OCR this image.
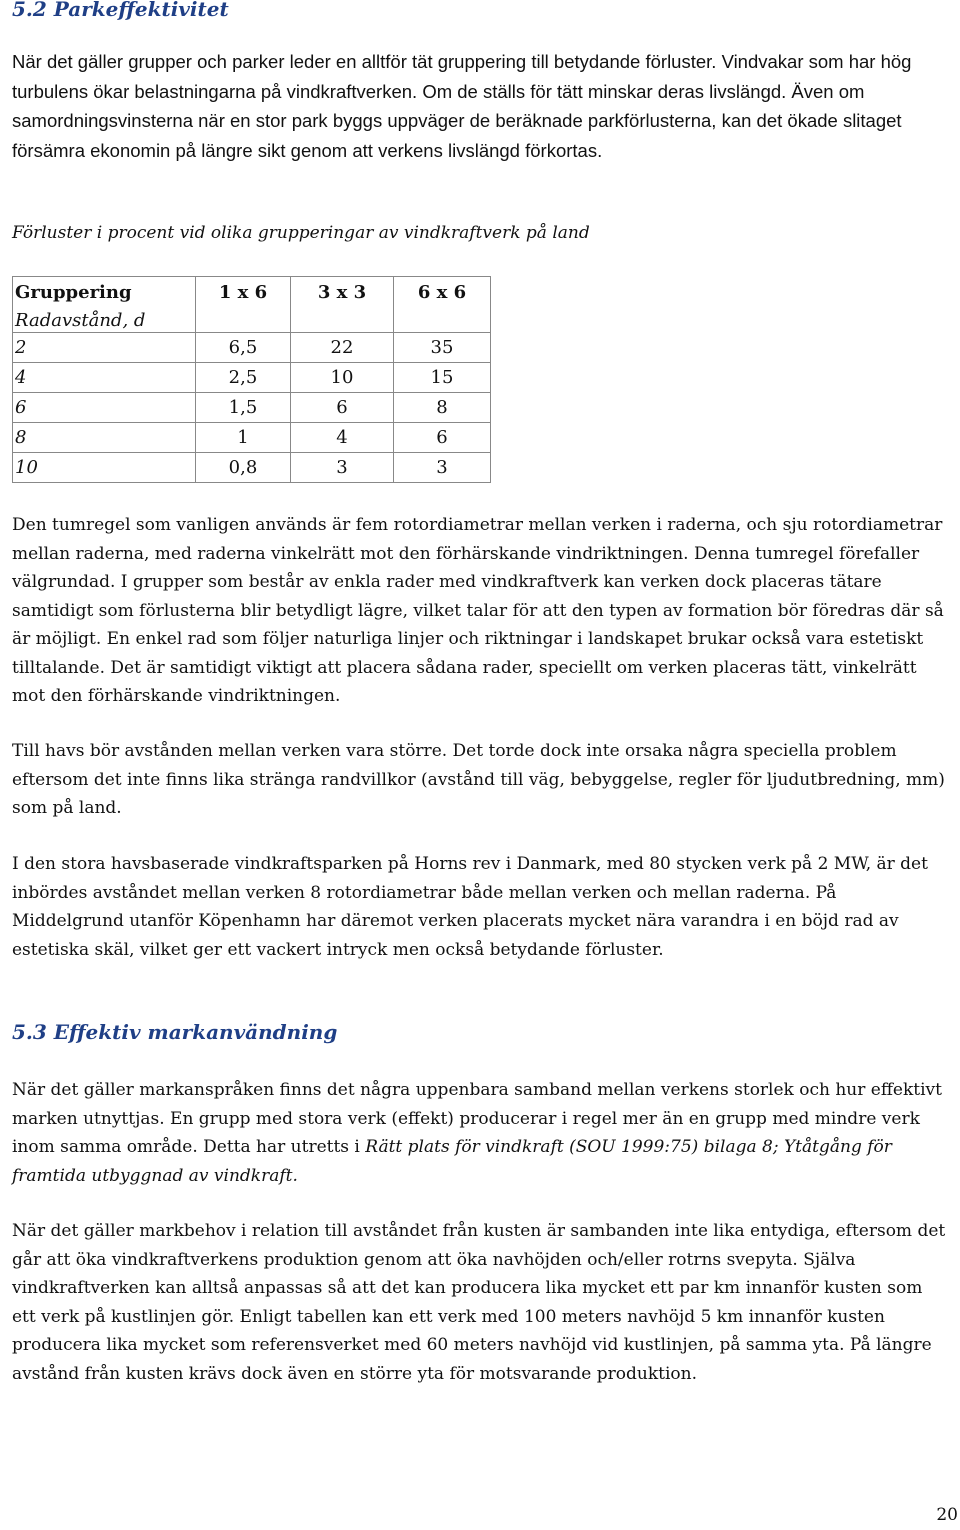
5.2 Parkeffektivitet

När det gäller grupper och parker leder en alltför tät gruppering till betydande förluster. Vindvakar som har hög turbulens ökar belastningarna på vindkraftverken. Om de ställs för tätt minskar deras livslängd. Även om samordningsvinsterna när en stor park byggs uppväger de beräknade parkförlusterna, kan det ökade slitaget försämra ekonomin på längre sikt genom att verkens livslängd förkortas.

Förluster i procent vid olika grupperingar av vindkraftverk på land

Gruppering	1 x 6	3 x 3	6 x 6
Radavstånd, d			
2	6,5	22	35
4	2,5	10	15
6	1,5	6	8
8	1	4	6
10	0,8	3	3

Den tumregel som vanligen används är fem rotordiametrar mellan verken i raderna, och sju rotordiametrar mellan raderna, med raderna vinkelrätt mot den förhärskande vindriktningen. Denna tumregel förefaller välgrundad. I grupper som består av enkla rader med vindkraftverk kan verken dock placeras tätare samtidigt som förlusterna blir betydligt lägre, vilket talar för att den typen av formation bör föredras där så är möjligt. En enkel rad som följer naturliga linjer och riktningar i landskapet brukar också vara estetiskt tilltalande. Det är samtidigt viktigt att placera sådana rader, speciellt om verken placeras tätt, vinkelrätt mot den förhärskande vindriktningen.

Till havs bör avstånden mellan verken vara större. Det torde dock inte orsaka några speciella problem eftersom det inte finns lika stränga randvillkor (avstånd till väg, bebyggelse, regler för ljudutbredning, mm) som på land.

I den stora havsbaserade vindkraftsparken på Horns rev i Danmark, med 80 stycken verk på 2 MW, är det inbördes avståndet mellan verken 8 rotordiametrar både mellan verken och mellan raderna. På Middelgrund utanför Köpenhamn har däremot verken placerats mycket nära varandra i en böjd rad av estetiska skäl, vilket ger ett vackert intryck men också betydande förluster.

5.3 Effektiv markanvändning

När det gäller markanspråken finns det några uppenbara samband mellan verkens storlek och hur effektivt marken utnyttjas. En grupp med stora verk (effekt) producerar i regel mer än en grupp med mindre verk inom samma område. Detta har utretts i Rätt plats för vindkraft (SOU 1999:75) bilaga 8; Ytåtgång för framtida utbyggnad av vindkraft.

När det gäller markbehov i relation till avståndet från kusten är sambanden inte lika entydiga, eftersom det går att öka vindkraftverkens produktion genom att öka navhöjden och/eller rotrns svepyta. Själva vindkraftverken kan alltså anpassas så att det kan producera lika mycket ett par km innanför kusten som ett verk på kustlinjen gör. Enligt tabellen kan ett verk med 100 meters navhöjd 5 km innanför kusten producera lika mycket som referensverket med 60 meters navhöjd vid kustlinjen, på samma yta. På längre avstånd från kusten krävs dock även en större yta för motsvarande produktion.

20
